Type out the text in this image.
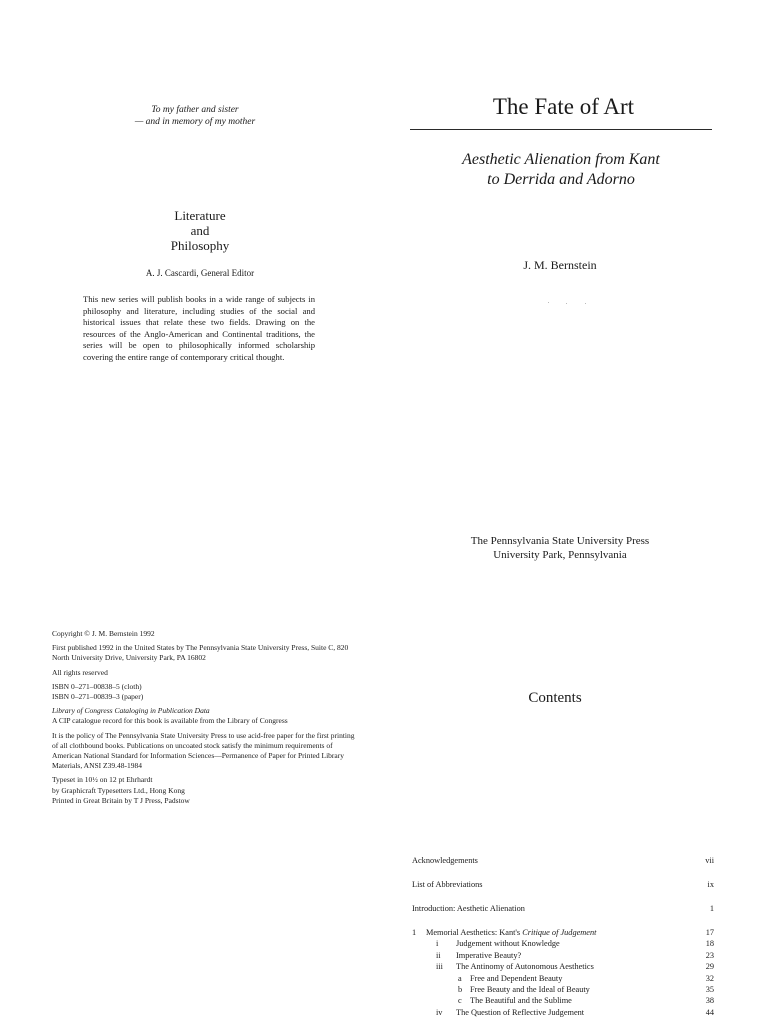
To my father and sister
— and in memory of my mother
Literature
and
Philosophy
A. J. Cascardi, General Editor
This new series will publish books in a wide range of subjects in philosophy and literature, including studies of the social and historical issues that relate these two fields. Drawing on the resources of the Anglo-American and Continental traditions, the series will be open to philosophically informed scholarship covering the entire range of contemporary critical thought.
The Fate of Art
Aesthetic Alienation from Kant
to Derrida and Adorno
J. M. Bernstein
The Pennsylvania State University Press
University Park, Pennsylvania

Copyright © J. M. Bernstein 1992

First published 1992 in the United States by The Pennsylvania State University Press, Suite C, 820 North University Drive, University Park, PA 16802

All rights reserved

ISBN 0–271–00838–5 (cloth)
ISBN 0–271–00839–3 (paper)

Library of Congress Cataloging in Publication Data
A CIP catalogue record for this book is available from the Library of Congress

It is the policy of The Pennsylvania State University Press to use acid-free paper for the first printing of all clothbound books. Publications on uncoated stock satisfy the minimum requirements of American National Standard for Information Sciences—Permanence of Paper for Printed Library Materials, ANSI Z39.48-1984

Typeset in 10½ on 12 pt Ehrhardt
by Graphicraft Typesetters Ltd., Hong Kong
Printed in Great Britain by T J Press, Padstow

Contents
Acknowledgements	vii
List of Abbreviations	ix
Introduction: Aesthetic Alienation	1
1 Memorial Aesthetics: Kant's Critique of Judgement	17
i Judgement without Knowledge	18
ii Imperative Beauty?	23
iii The Antinomy of Autonomous Aesthetics	29
a Free and Dependent Beauty	32
b Free Beauty and the Ideal of Beauty	35
c The Beautiful and the Sublime	38
iv The Question of Reflective Judgement	44
